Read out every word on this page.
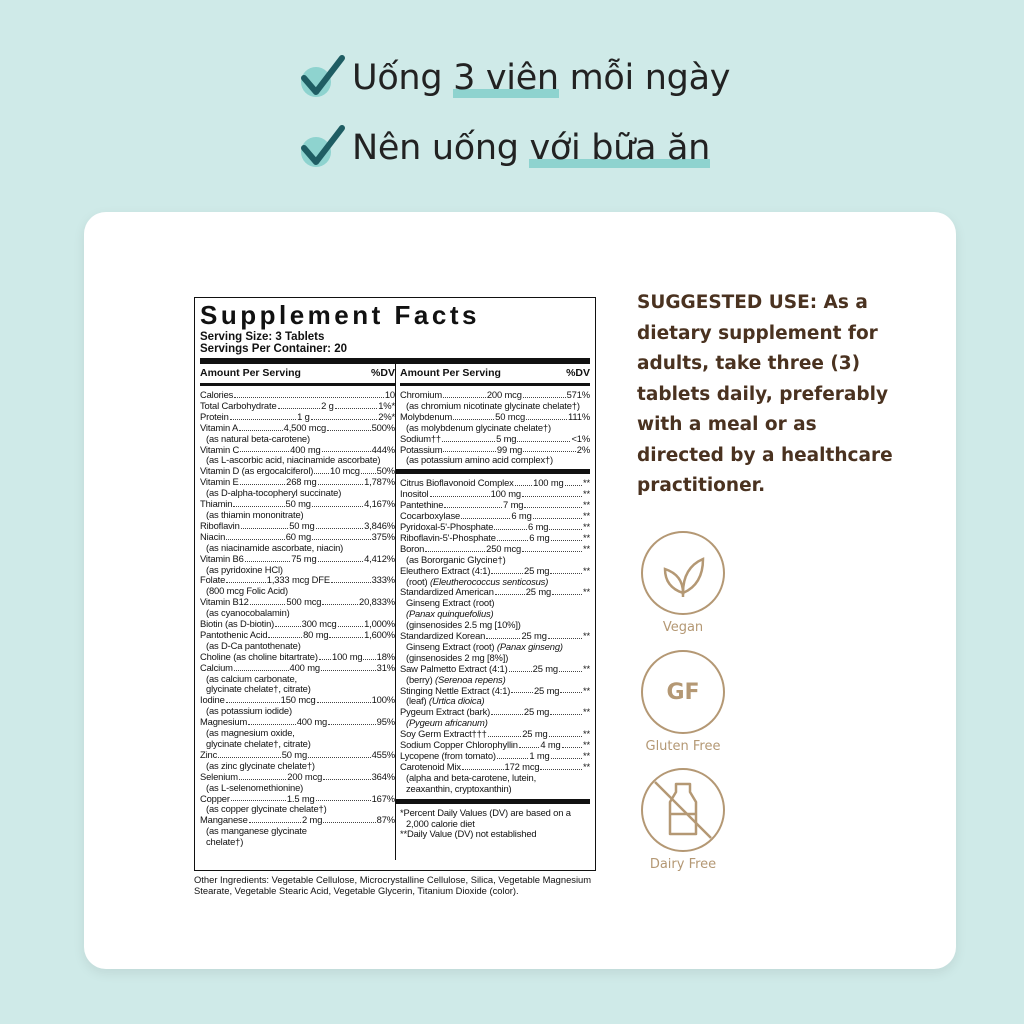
Uống 3 viên mỗi ngày
Nên uống với bữa ăn
Supplement Facts
Serving Size: 3 Tablets
Servings Per Container: 20
Amount Per Serving	%DV
Calories	10
Total Carbohydrate	2 g	1%*
Protein	1 g	2%*
Vitamin A	4,500 mcg	500%
(as natural beta-carotene)
Vitamin C	400 mg	444%
(as L-ascorbic acid, niacinamide ascorbate)
Vitamin D (as ergocalciferol) 10 mcg 50%
Vitamin E	268 mg	1,787%
(as D-alpha-tocopheryl succinate)
Thiamin	50 mg	4,167%
(as thiamin mononitrate)
Riboflavin	50 mg	3,846%
Niacin	60 mg	375%
(as niacinamide ascorbate, niacin)
Vitamin B6	75 mg	4,412%
(as pyridoxine HCl)
Folate	1,333 mcg DFE	333%
(800 mcg Folic Acid)
Vitamin B12	500 mcg	20,833%
(as cyanocobalamin)
Biotin (as D-biotin)	300 mcg	1,000%
Pantothenic Acid	80 mg	1,600%
(as D-Ca pantothenate)
Choline (as choline bitartrate) 100 mg 18%
Calcium	400 mg	31%
(as calcium carbonate,
glycinate chelate†, citrate)
Iodine	150 mcg	100%
(as potassium iodide)
Magnesium	400 mg	95%
(as magnesium oxide,
glycinate chelate†, citrate)
Zinc	50 mg	455%
(as zinc glycinate chelate†)
Selenium	200 mcg	364%
(as L-selenomethionine)
Copper	1.5 mg	167%
(as copper glycinate chelate†)
Manganese	2 mg	87%
(as manganese glycinate
chelate†)
Amount Per Serving	%DV
Chromium	200 mcg	571%
(as chromium nicotinate glycinate chelate†)
Molybdenum	50 mcg	111%
(as molybdenum glycinate chelate†)
Sodium††	5 mg	<1%
Potassium	99 mg	2%
(as potassium amino acid complex†)
Citrus Bioflavonoid Complex 100 mg **
Inositol	100 mg	**
Pantethine	7 mg	**
Cocarboxylase	6 mg	**
Pyridoxal-5'-Phosphate	6 mg	**
Riboflavin-5'-Phosphate	6 mg	**
Boron	250 mcg	**
(as Bororganic Glycine†)
Eleuthero Extract (4:1)	25 mg	**
(root) (Eleutherococcus senticosus)
Standardized American	25 mg	**
Ginseng Extract (root)
(Panax quinquefolius)
(ginsenosides 2.5 mg [10%])
Standardized Korean	25 mg	**
Ginseng Extract (root) (Panax ginseng)
(ginsenosides 2 mg [8%])
Saw Palmetto Extract (4:1)	25 mg	**
(berry) (Serenoa repens)
Stinging Nettle Extract (4:1)	25 mg	**
(leaf) (Urtica dioica)
Pygeum Extract (bark)	25 mg	**
(Pygeum africanum)
Soy Germ Extract†††	25 mg	**
Sodium Copper Chlorophyllin 4 mg **
Lycopene (from tomato)	1 mg	**
Carotenoid Mix	172 mcg	**
(alpha and beta-carotene, lutein,
zeaxanthin, cryptoxanthin)
*Percent Daily Values (DV) are based on a
2,000 calorie diet
**Daily Value (DV) not established
Other Ingredients: Vegetable Cellulose, Microcrystalline Cellulose, Silica, Vegetable Magnesium Stearate, Vegetable Stearic Acid, Vegetable Glycerin, Titanium Dioxide (color).
SUGGESTED USE: As a dietary supplement for adults, take three (3) tablets daily, preferably with a meal or as directed by a healthcare practitioner.
Vegan
GF
Gluten Free
Dairy Free
